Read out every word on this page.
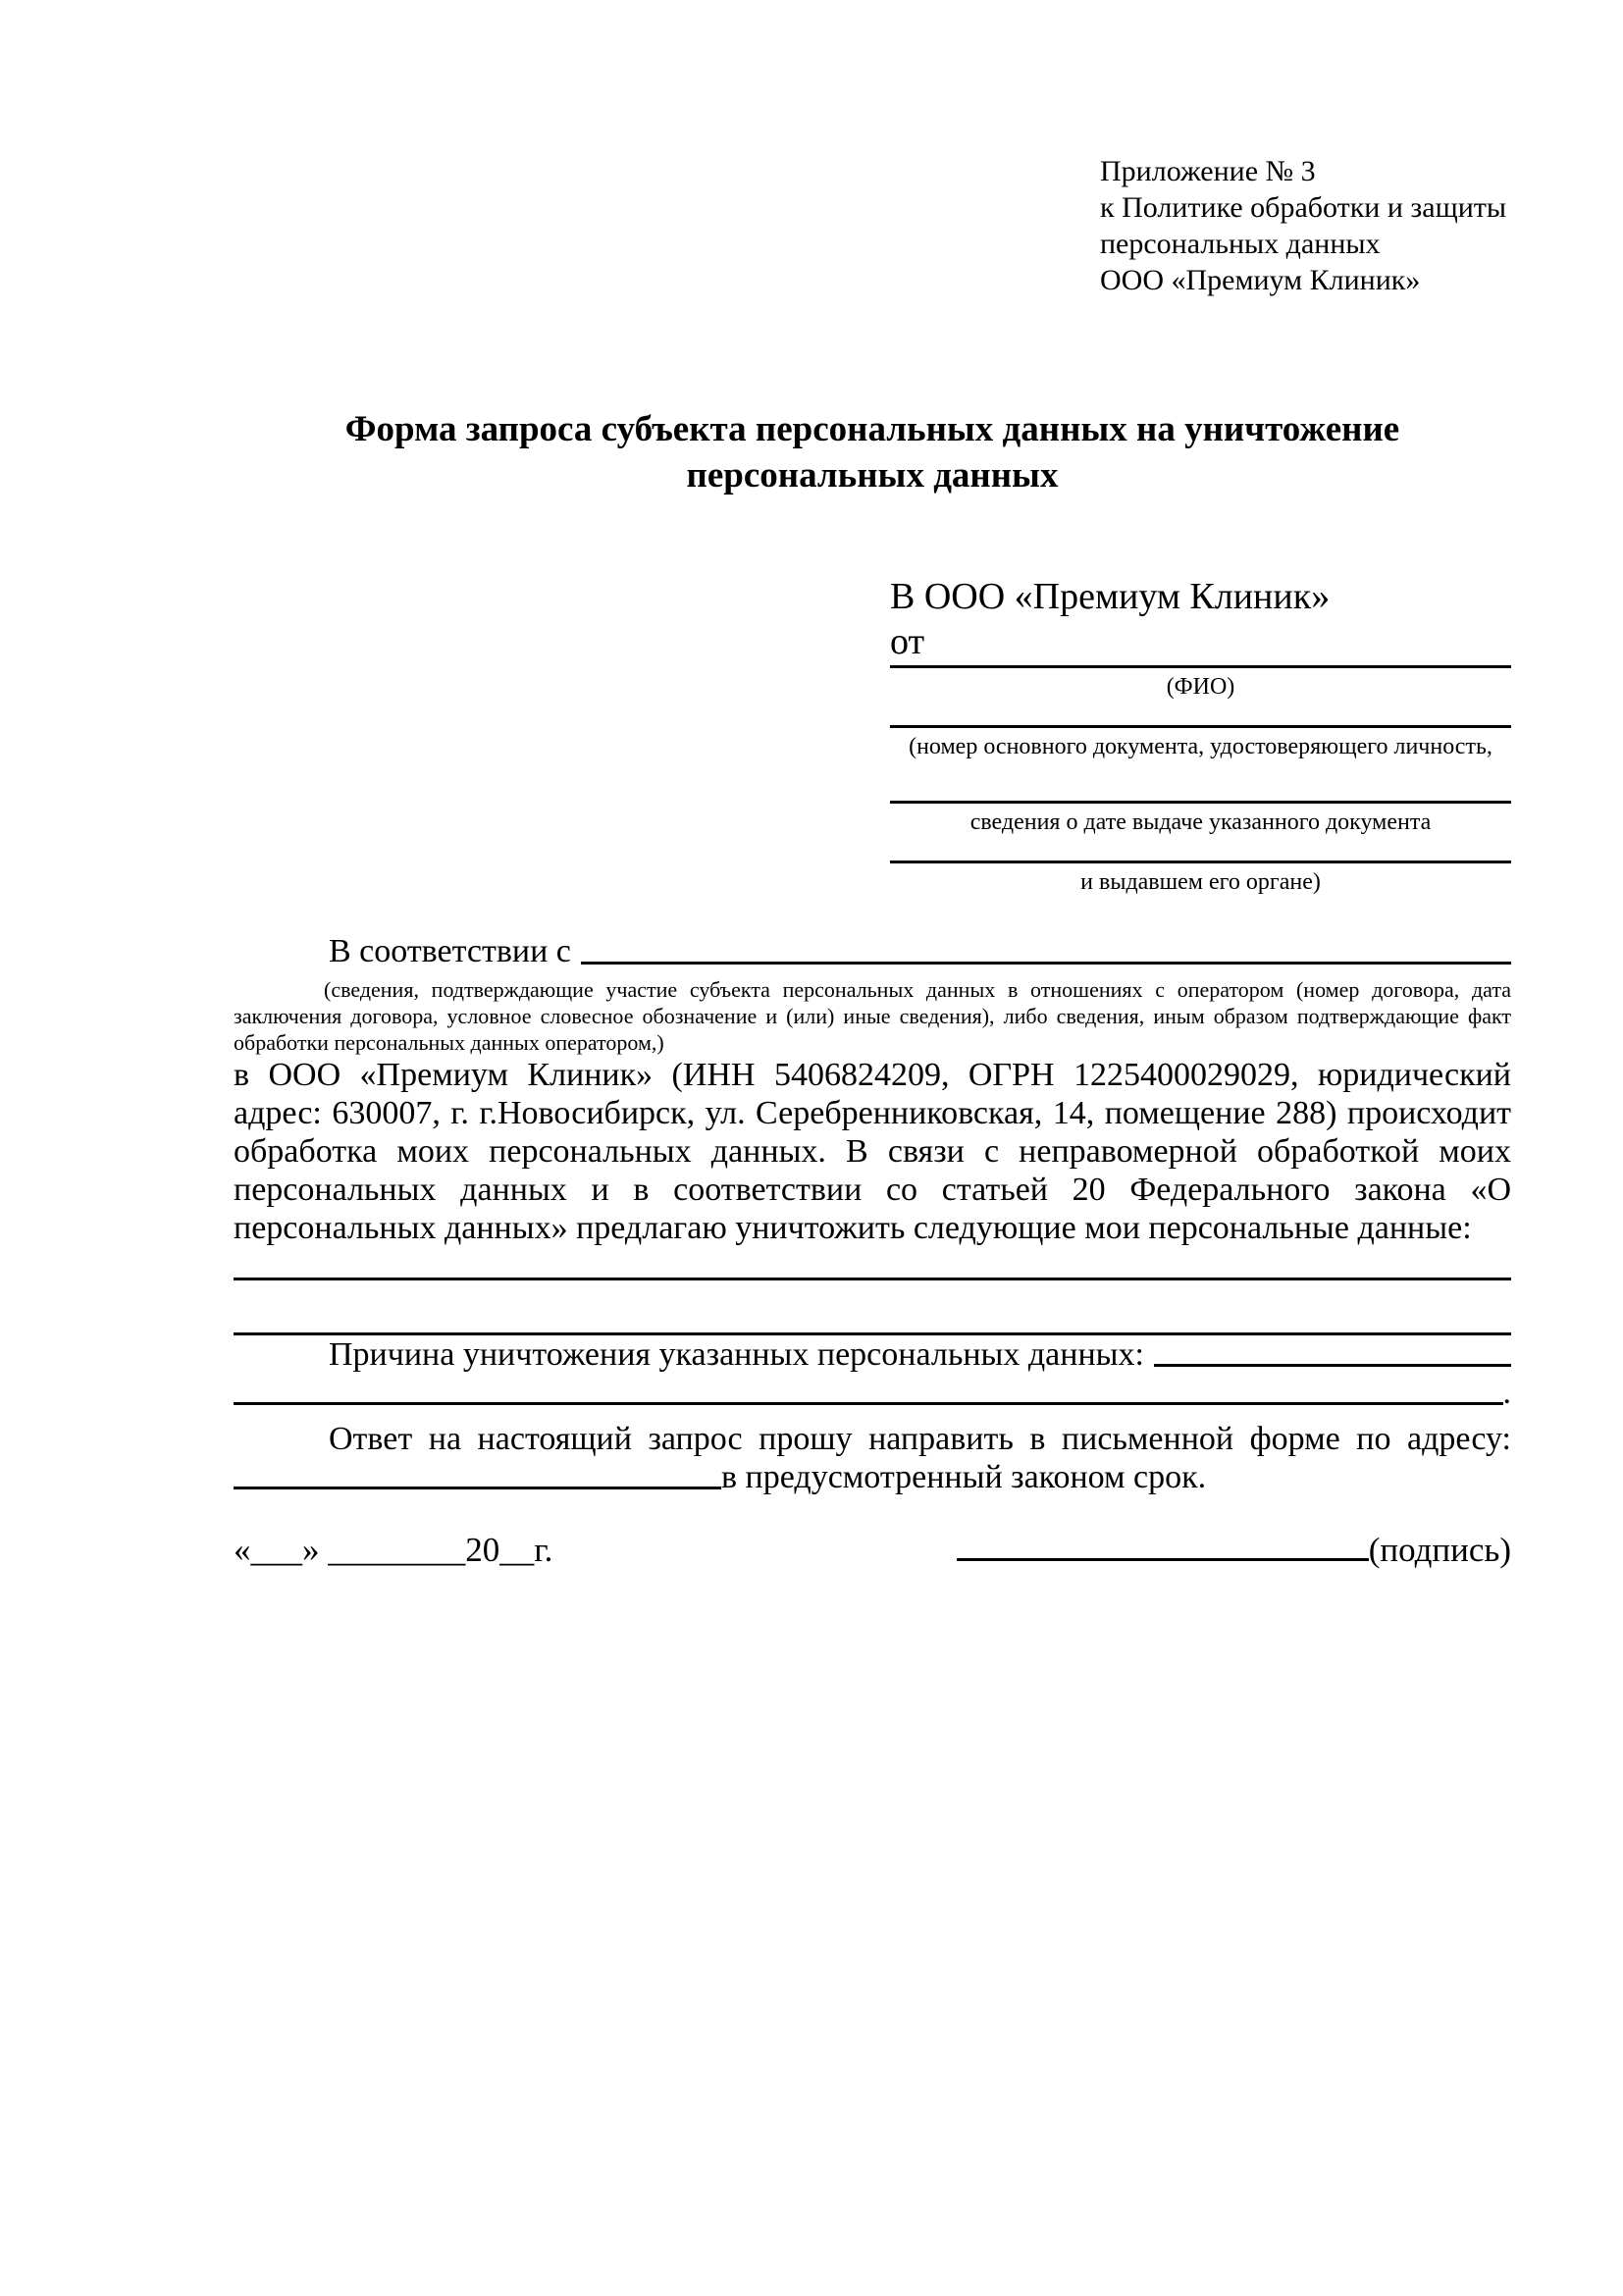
Приложение № 3
к Политике обработки и защиты
персональных данных
ООО «Премиум Клиник»
Форма запроса субъекта персональных данных на уничтожение персональных данных
В ООО «Премиум Клиник»
от
(ФИО)
(номер основного документа, удостоверяющего личность,
сведения о дате выдаче указанного документа
и выдавшем его органе)
В соответствии с
(сведения, подтверждающие участие субъекта персональных данных в отношениях с оператором (номер договора, дата заключения договора, условное словесное обозначение и (или) иные сведения), либо сведения, иным образом подтверждающие факт обработки персональных данных оператором,)
в ООО «Премиум Клиник» (ИНН 5406824209, ОГРН 1225400029029, юридический адрес: 630007, г. г.Новосибирск, ул. Серебренниковская, 14, помещение 288) происходит обработка моих персональных данных. В связи с неправомерной обработкой моих персональных данных и в соответствии со статьей 20 Федерального закона «О персональных данных» предлагаю уничтожить следующие мои персональные данные:
Причина уничтожения указанных персональных данных:
.
Ответ на настоящий запрос прошу направить в письменной форме по адресу:
в предусмотренный законом срок.
«___» ________20__г.	(подпись)
